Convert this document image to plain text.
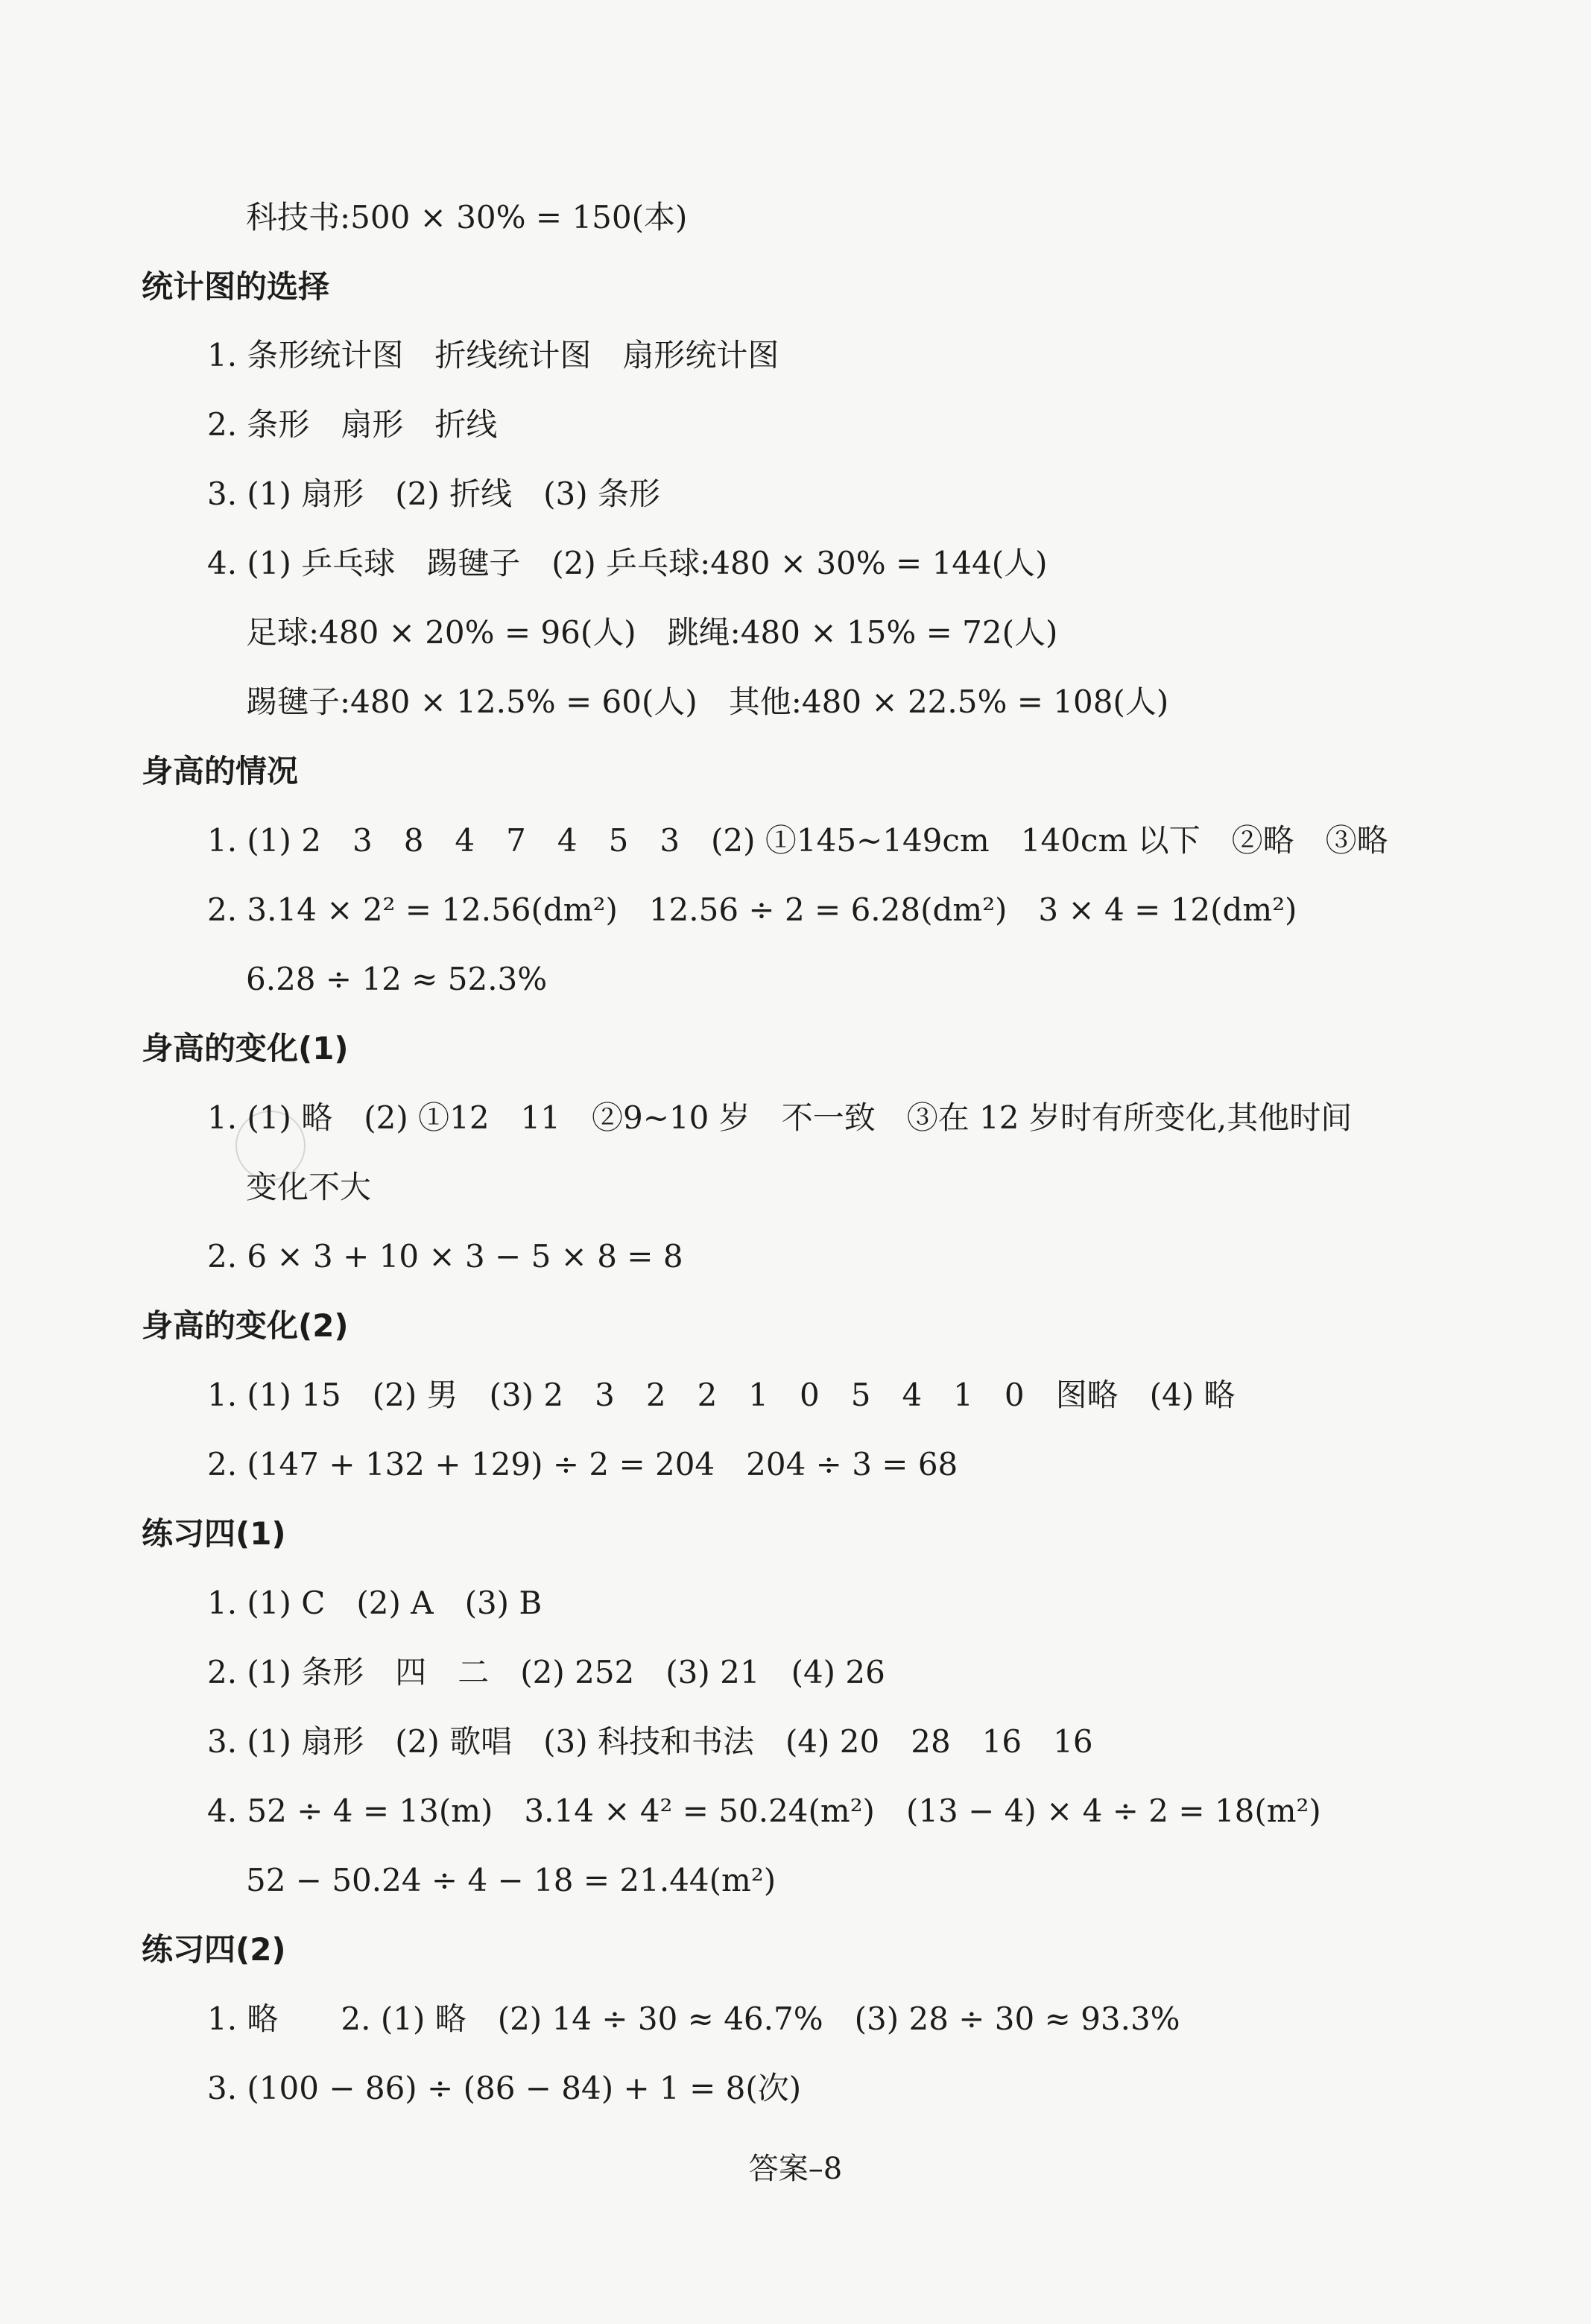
科技书:500 × 30% = 150(本)
统计图的选择
1. 条形统计图　折线统计图　扇形统计图
2. 条形　扇形　折线
3. (1) 扇形　(2) 折线　(3) 条形
4. (1) 乒乓球　踢毽子　(2) 乒乓球:480 × 30% = 144(人)
足球:480 × 20% = 96(人)　跳绳:480 × 15% = 72(人)
踢毽子:480 × 12.5% = 60(人)　其他:480 × 22.5% = 108(人)
身高的情况
1. (1) 2　3　8　4　7　4　5　3　(2) ①145~149cm　140cm 以下　②略　③略
2. 3.14 × 2² = 12.56(dm²)　12.56 ÷ 2 = 6.28(dm²)　3 × 4 = 12(dm²)
6.28 ÷ 12 ≈ 52.3%
身高的变化(1)
1. (1) 略　(2) ①12　11　②9~10 岁　不一致　③在 12 岁时有所变化,其他时间
变化不大
2. 6 × 3 + 10 × 3 − 5 × 8 = 8
身高的变化(2)
1. (1) 15　(2) 男　(3) 2　3　2　2　1　0　5　4　1　0　图略　(4) 略
2. (147 + 132 + 129) ÷ 2 = 204　204 ÷ 3 = 68
练习四(1)
1. (1) C　(2) A　(3) B
2. (1) 条形　四　二　(2) 252　(3) 21　(4) 26
3. (1) 扇形　(2) 歌唱　(3) 科技和书法　(4) 20　28　16　16
4. 52 ÷ 4 = 13(m)　3.14 × 4² = 50.24(m²)　(13 − 4) × 4 ÷ 2 = 18(m²)
52 − 50.24 ÷ 4 − 18 = 21.44(m²)
练习四(2)
1. 略　　2. (1) 略　(2) 14 ÷ 30 ≈ 46.7%　(3) 28 ÷ 30 ≈ 93.3%
3. (100 − 86) ÷ (86 − 84) + 1 = 8(次)
答案–8
